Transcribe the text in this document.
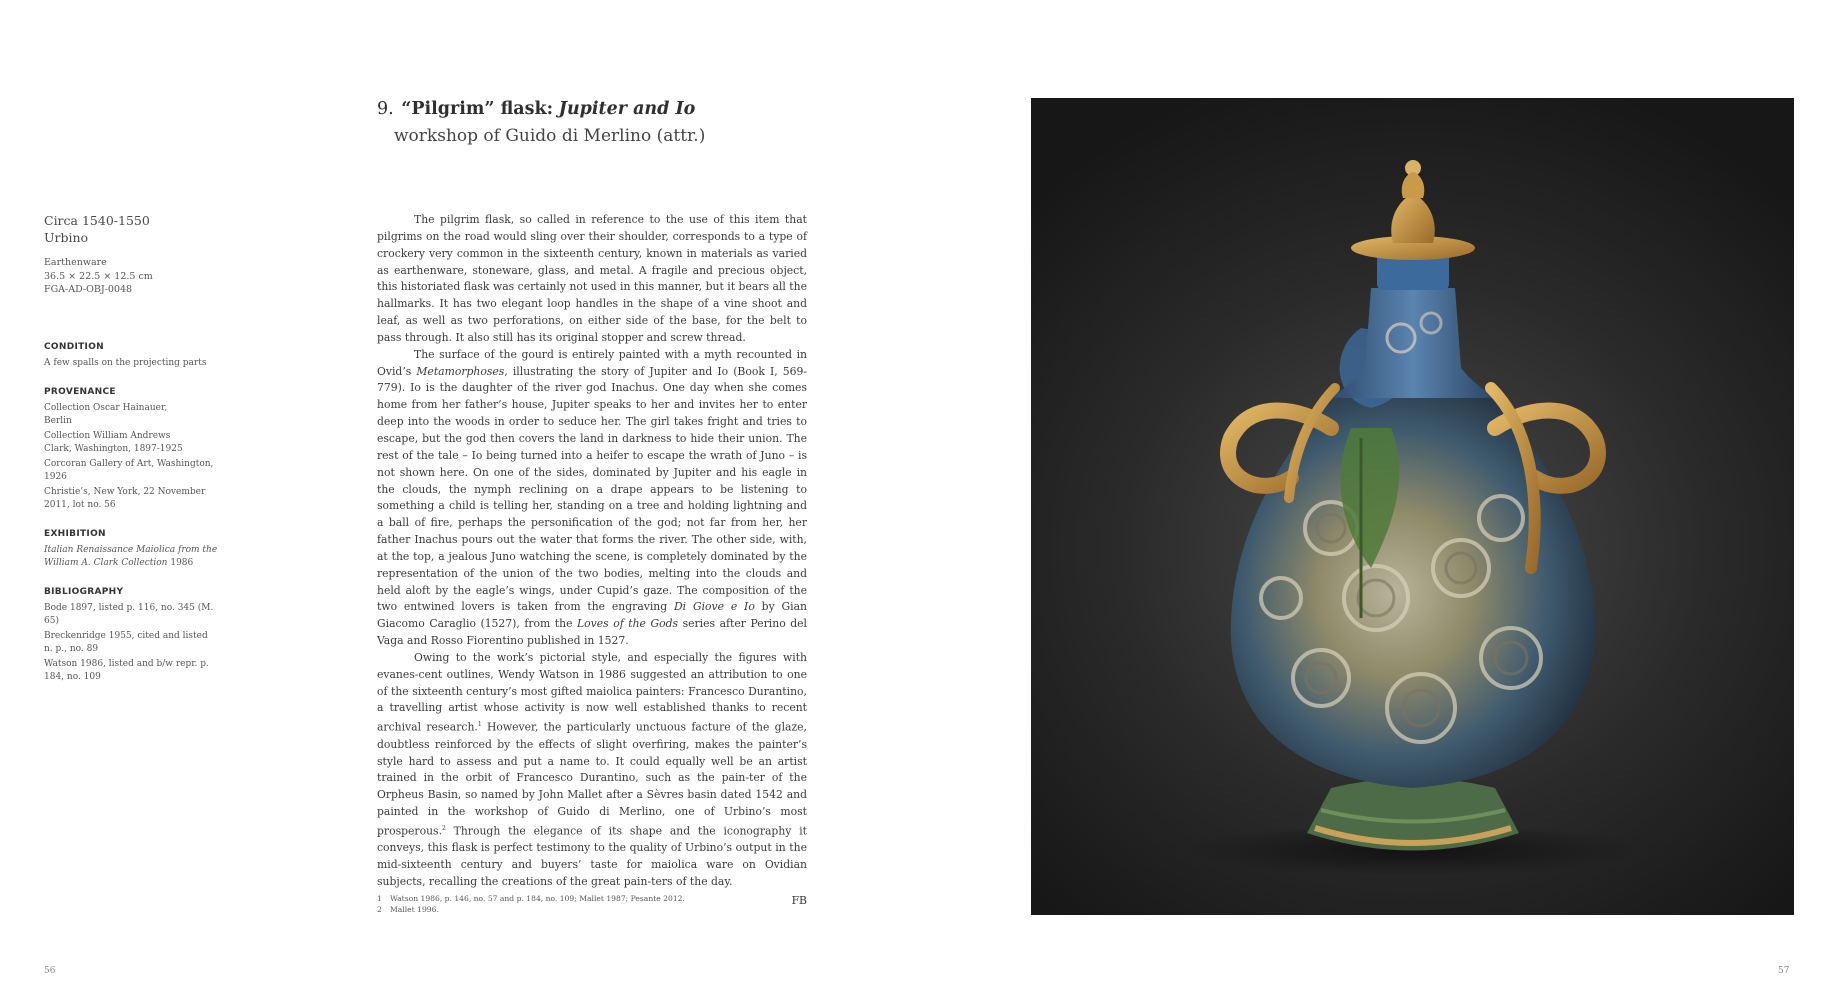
9. “Pilgrim” flask: Jupiter and Io
workshop of Guido di Merlino (attr.)
Circa 1540-1550
Urbino
Earthenware
36.5 × 22.5 × 12.5 cm
FGA-AD-OBJ-0048
CONDITION
A few spalls on the projecting parts
PROVENANCE
Collection Oscar Hainauer, Berlin
Collection William Andrews Clark, Washington, 1897-1925
Corcoran Gallery of Art, Washington, 1926
Christie’s, New York, 22 November 2011, lot no. 56
EXHIBITION
Italian Renaissance Maiolica from the William A. Clark Collection 1986
BIBLIOGRAPHY
Bode 1897, listed p. 116, no. 345 (M. 65)
Breckenridge 1955, cited and listed n. p., no. 89
Watson 1986, listed and b/w repr. p. 184, no. 109

The pilgrim flask, so called in reference to the use of this item that pilgrims on the road would sling over their shoulder, corresponds to a type of crockery very common in the sixteenth century, known in materials as varied as earthenware, stoneware, glass, and metal. A fragile and precious object, this historiated flask was certainly not used in this manner, but it bears all the hallmarks. It has two elegant loop handles in the shape of a vine shoot and leaf, as well as two perforations, on either side of the base, for the belt to pass through. It also still has its original stopper and screw thread.

The surface of the gourd is entirely painted with a myth recounted in Ovid’s Metamorphoses, illustrating the story of Jupiter and Io (Book I, 569-779). Io is the daughter of the river god Inachus. One day when she comes home from her father’s house, Jupiter speaks to her and invites her to enter deep into the woods in order to seduce her. The girl takes fright and tries to escape, but the god then covers the land in darkness to hide their union. The rest of the tale – Io being turned into a heifer to escape the wrath of Juno – is not shown here. On one of the sides, dominated by Jupiter and his eagle in the clouds, the nymph reclining on a drape appears to be listening to something a child is telling her, standing on a tree and holding lightning and a ball of fire, perhaps the personification of the god; not far from her, her father Inachus pours out the water that forms the river. The other side, with, at the top, a jealous Juno watching the scene, is completely dominated by the representation of the union of the two bodies, melting into the clouds and held aloft by the eagle’s wings, under Cupid’s gaze. The composition of the two entwined lovers is taken from the engraving Di Giove e Io by Gian Giacomo Caraglio (1527), from the Loves of the Gods series after Perino del Vaga and Rosso Fiorentino published in 1527.

Owing to the work’s pictorial style, and especially the figures with evanes-cent outlines, Wendy Watson in 1986 suggested an attribution to one of the sixteenth century’s most gifted maiolica painters: Francesco Durantino, a travelling artist whose activity is now well established thanks to recent archival research.$^1$ However, the particularly unctuous facture of the glaze, doubtless reinforced by the effects of slight overfiring, makes the painter’s style hard to assess and put a name to. It could equally well be an artist trained in the orbit of Francesco Durantino, such as the pain-ter of the Orpheus Basin, so named by John Mallet after a Sèvres basin dated 1542 and painted in the workshop of Guido di Merlino, one of Urbino’s most prosperous.$^2$ Through the elegance of its shape and the iconography it conveys, this flask is perfect testimony to the quality of Urbino’s output in the mid-sixteenth century and buyers’ taste for maiolica ware on Ovidian subjects, recalling the creations of the great pain-ters of the day.

FB
1 Watson 1986, p. 146, no. 57 and p. 184, no. 109; Mallet 1987; Pesante 2012.
2 Mallet 1996.
56	57
